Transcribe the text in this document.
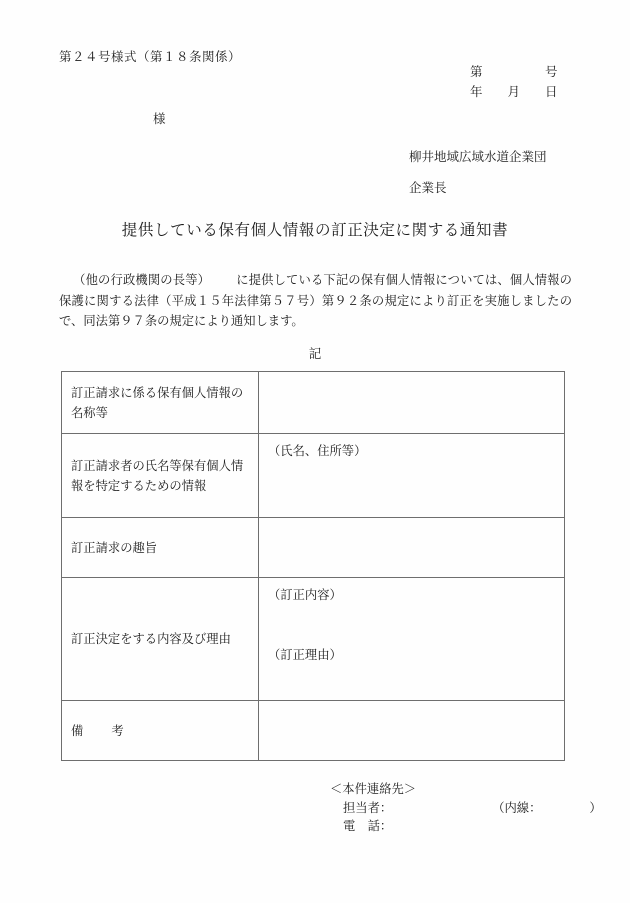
第２４号様式（第１８条関係）
第　　　　　号
年　　月　　日
様
柳井地域広域水道企業団
企業長
提供している保有個人情報の訂正決定に関する通知書
（他の行政機関の長等） に提供している下記の保有個人情報については、個人情報の保護に関する法律（平成１５年法律第５７号）第９２条の規定により訂正を実施しましたので、同法第９７条の規定により通知します。
記
訂正請求に係る保有個人情報の名称等	
訂正請求者の氏名等保有個人情報を特定するための情報	（氏名、住所等）
訂正請求の趣旨	
訂正決定をする内容及び理由	（訂正内容）
（訂正理由）
備 考	
＜本件連絡先＞
担当者：	（内線：	）
電　話：
